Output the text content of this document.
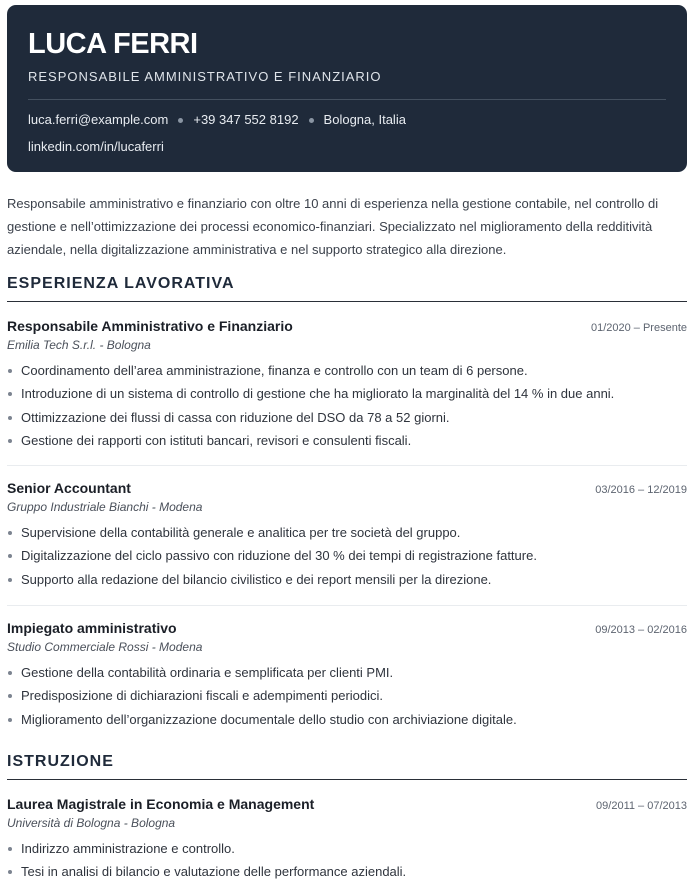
LUCA FERRI
RESPONSABILE AMMINISTRATIVO E FINANZIARIO
luca.ferri@example.com +39 347 552 8192 Bologna, Italia
linkedin.com/in/lucaferri

Responsabile amministrativo e finanziario con oltre 10 anni di esperienza nella gestione contabile, nel controllo di gestione e nell’ottimizzazione dei processi economico-finanziari. Specializzato nel miglioramento della redditività aziendale, nella digitalizzazione amministrativa e nel supporto strategico alla direzione.

ESPERIENZA LAVORATIVA
Responsabile Amministrativo e Finanziario	01/2020 – Presente
Emilia Tech S.r.l. - Bologna
Coordinamento dell’area amministrazione, finanza e controllo con un team di 6 persone.
Introduzione di un sistema di controllo di gestione che ha migliorato la marginalità del 14 % in due anni.
Ottimizzazione dei flussi di cassa con riduzione del DSO da 78 a 52 giorni.
Gestione dei rapporti con istituti bancari, revisori e consulenti fiscali.
Senior Accountant	03/2016 – 12/2019
Gruppo Industriale Bianchi - Modena
Supervisione della contabilità generale e analitica per tre società del gruppo.
Digitalizzazione del ciclo passivo con riduzione del 30 % dei tempi di registrazione fatture.
Supporto alla redazione del bilancio civilistico e dei report mensili per la direzione.
Impiegato amministrativo	09/2013 – 02/2016
Studio Commerciale Rossi - Modena
Gestione della contabilità ordinaria e semplificata per clienti PMI.
Predisposizione di dichiarazioni fiscali e adempimenti periodici.
Miglioramento dell’organizzazione documentale dello studio con archiviazione digitale.
ISTRUZIONE
Laurea Magistrale in Economia e Management	09/2011 – 07/2013
Università di Bologna - Bologna
Indirizzo amministrazione e controllo.
Tesi in analisi di bilancio e valutazione delle performance aziendali.
